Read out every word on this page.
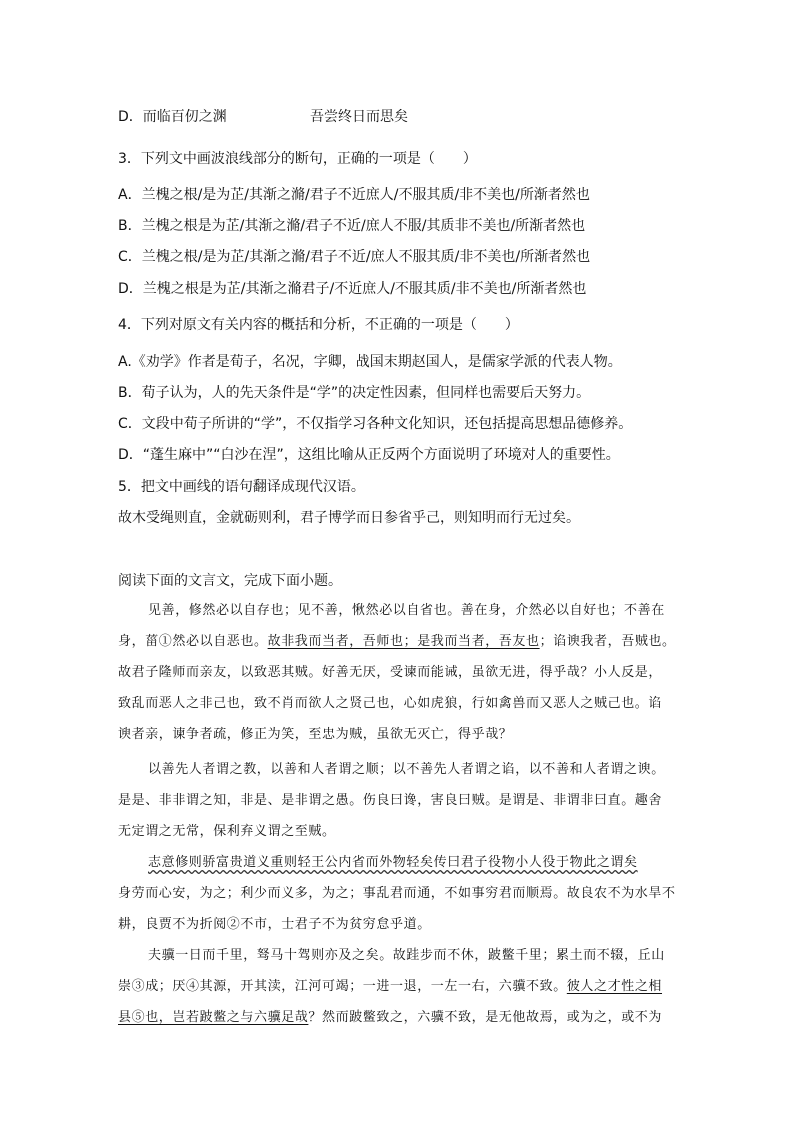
D．而临百仞之渊	吾尝终日而思矣
3．下列文中画波浪线部分的断句，正确的一项是（　　）
A．兰槐之根/是为芷/其渐之滫/君子不近庶人/不服其质/非不美也/所渐者然也
B．兰槐之根是为芷/其渐之滫/君子不近/庶人不服/其质非不美也/所渐者然也
C．兰槐之根/是为芷/其渐之滫/君子不近/庶人不服其质/非不美也/所渐者然也
D．兰槐之根是为芷/其渐之滫君子/不近庶人/不服其质/非不美也/所渐者然也
4．下列对原文有关内容的概括和分析，不正确的一项是（　　）
A.《劝学》作者是荀子，名况，字卿，战国末期赵国人，是儒家学派的代表人物。
B．荀子认为，人的先天条件是“学”的决定性因素，但同样也需要后天努力。
C．文段中荀子所讲的“学”，不仅指学习各种文化知识，还包括提高思想品德修养。
D．“蓬生麻中”“白沙在涅”，这组比喻从正反两个方面说明了环境对人的重要性。
5．把文中画线的语句翻译成现代汉语。
故木受绳则直，金就砺则利，君子博学而日参省乎己，则知明而行无过矣。
阅读下面的文言文，完成下面小题。
见善，修然必以自存也；见不善，愀然必以自省也。善在身，介然必以自好也；不善在
身，菑①然必以自恶也。故非我而当者，吾师也；是我而当者，吾友也；谄谀我者，吾贼也。
故君子隆师而亲友，以致恶其贼。好善无厌，受谏而能诫，虽欲无进，得乎哉？小人反是，
致乱而恶人之非己也，致不肖而欲人之贤己也，心如虎狼，行如禽兽而又恶人之贼己也。谄
谀者亲，谏争者疏，修正为笑，至忠为贼，虽欲无灭亡，得乎哉？
以善先人者谓之教，以善和人者谓之顺；以不善先人者谓之谄，以不善和人者谓之谀。
是是、非非谓之知，非是、是非谓之愚。伤良曰谗，害良曰贼。是谓是、非谓非曰直。趣舍
无定谓之无常，保利弃义谓之至贼。
志意修则骄富贵道义重则轻王公内省而外物轻矣传曰君子役物小人役于物此之谓矣
身劳而心安，为之；利少而义多，为之；事乱君而通，不如事穷君而顺焉。故良农不为水旱不
耕，良贾不为折阅②不市，士君子不为贫穷怠乎道。
夫骥一日而千里，驽马十驾则亦及之矣。故跬步而不休，跛鳖千里；累土而不辍，丘山
崇③成；厌④其源，开其渎，江河可竭；一进一退，一左一右，六骥不致。彼人之才性之相
县⑤也，岂若跛鳖之与六骥足哉？然而跛鳖致之，六骥不致，是无他故焉，或为之，或不为
